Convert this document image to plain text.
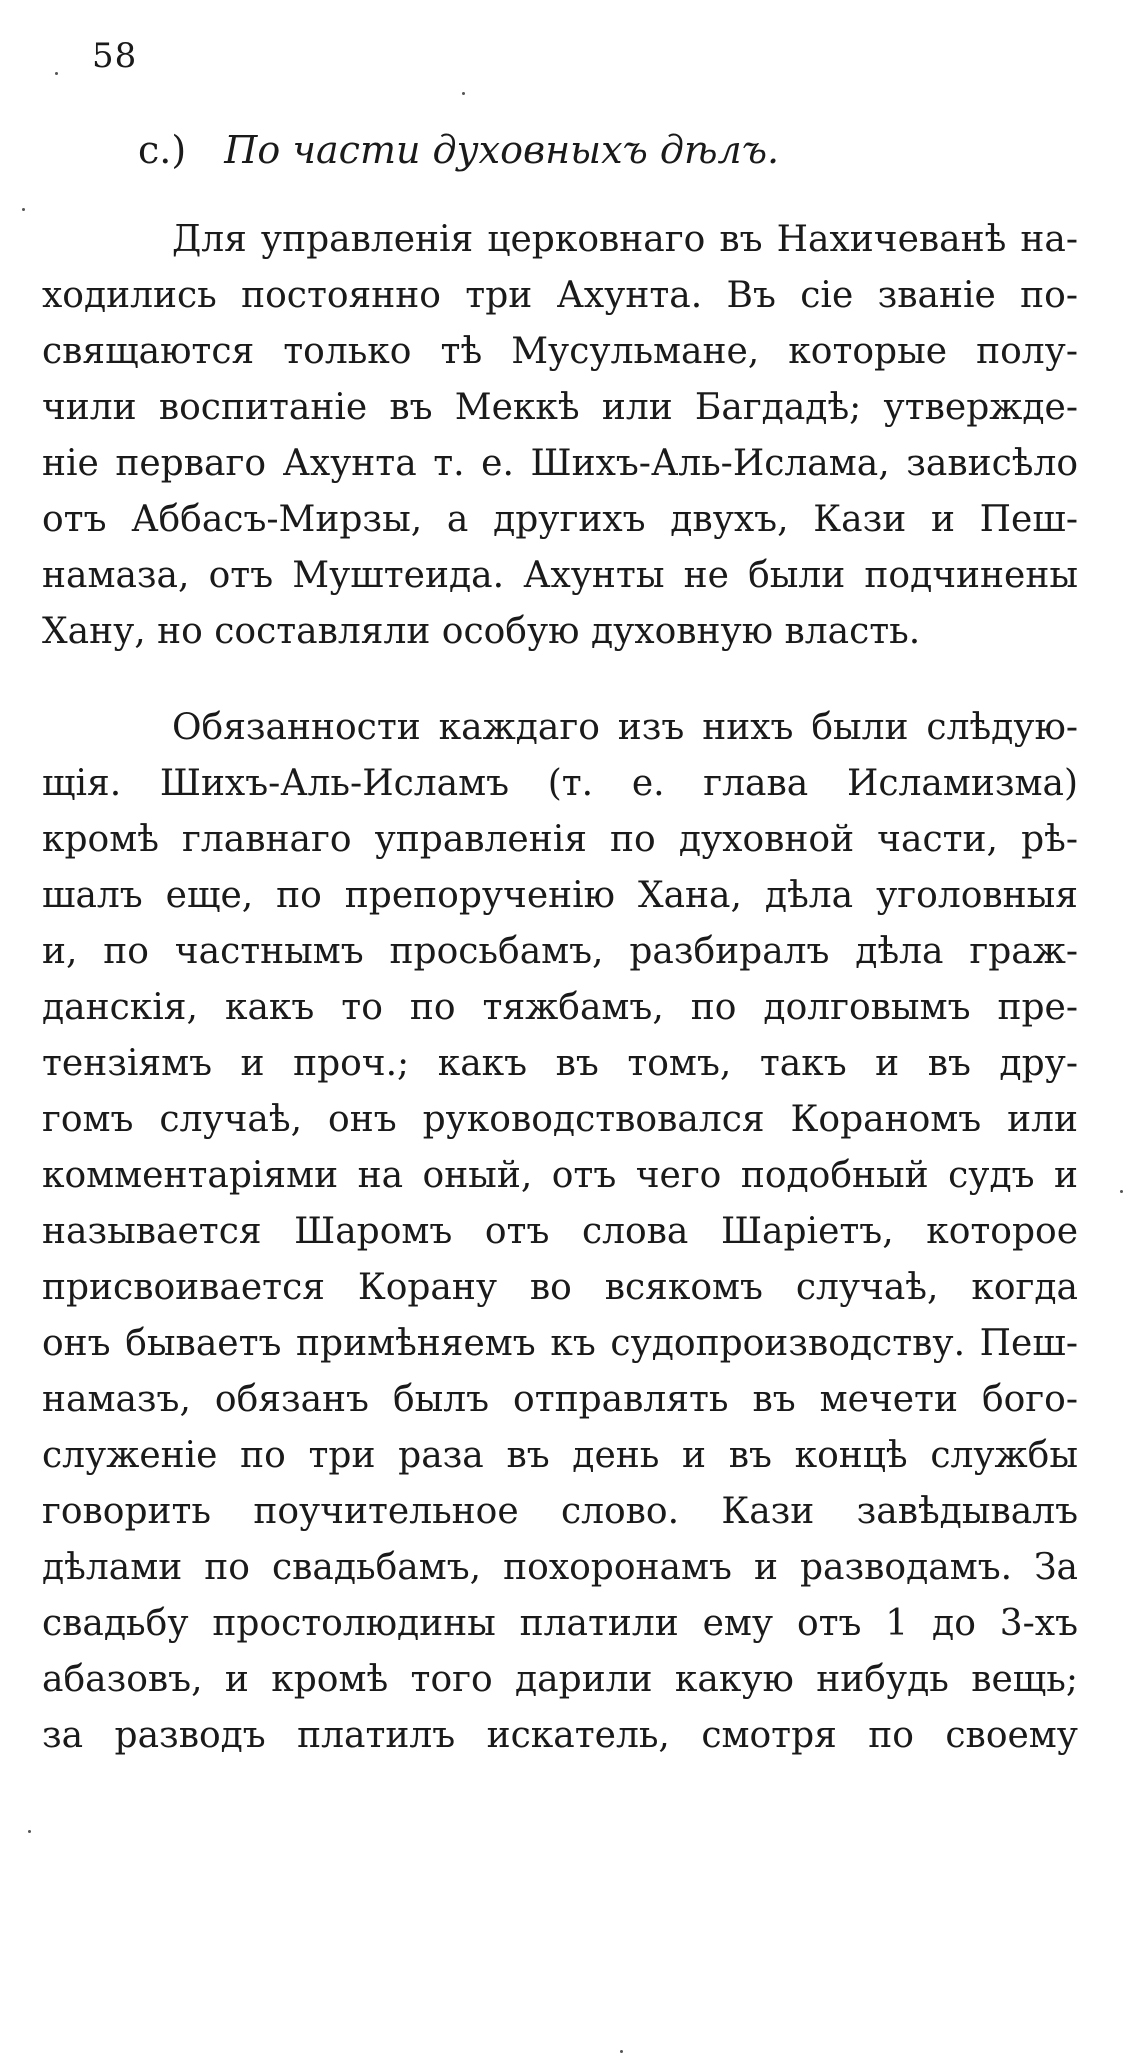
58
c.) По части духовныхъ дѣлъ.
Для управленія церковнаго въ Нахичеванѣ на-
ходились постоянно три Ахунта. Въ сіе званіе по-
свящаются только тѣ Мусульмане, которые полу-
чили воспитаніе въ Меккѣ или Багдадѣ; утвержде-
ніе перваго Ахунта т. е. Шихъ-Аль-Ислама, зависѣло
отъ Аббасъ-Мирзы, а другихъ двухъ, Кази и Пеш-
намаза, отъ Муштеида. Ахунты не были подчинены
Хану, но составляли особую духовную власть.
Обязанности каждаго изъ нихъ были слѣдую-
щія. Шихъ-Аль-Исламъ (т. е. глава Исламизма)
кромѣ главнаго управленія по духовной части, рѣ-
шалъ еще, по препорученію Хана, дѣла уголовныя
и, по частнымъ просьбамъ, разбиралъ дѣла граж-
данскія, какъ то по тяжбамъ, по долговымъ пре-
тензіямъ и проч.; какъ въ томъ, такъ и въ дру-
гомъ случаѣ, онъ руководствовался Кораномъ или
комментаріями на оный, отъ чего подобный судъ и
называется Шаромъ отъ слова Шаріетъ, которое
присвоивается Корану во всякомъ случаѣ, когда
онъ бываетъ примѣняемъ къ судопроизводству. Пеш-
намазъ, обязанъ былъ отправлять въ мечети бого-
служеніе по три раза въ день и въ концѣ службы
говорить поучительное слово. Кази завѣдывалъ
дѣлами по свадьбамъ, похоронамъ и разводамъ. За
свадьбу простолюдины платили ему отъ 1 до 3-хъ
абазовъ, и кромѣ того дарили какую нибудь вещь;
за разводъ платилъ искатель, смотря по своему
